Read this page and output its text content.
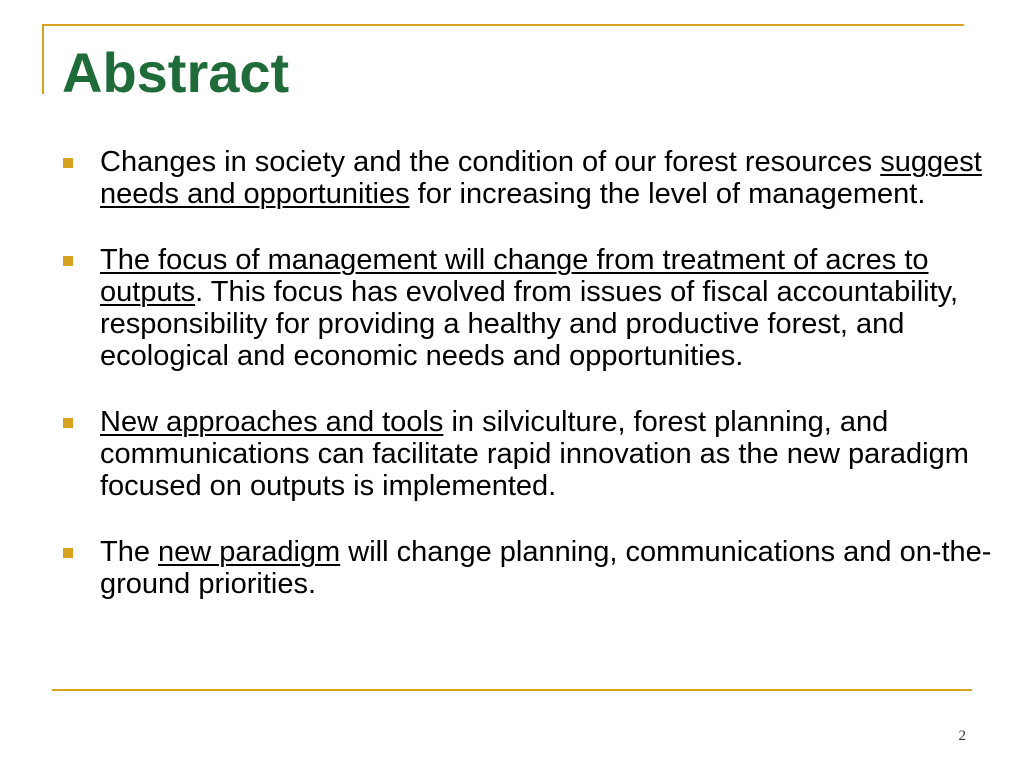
Abstract
Changes in society and the condition of our forest resources suggest needs and opportunities for increasing the level of management.
The focus of management will change from treatment of acres to outputs. This focus has evolved from issues of fiscal accountability, responsibility for providing a healthy and productive forest, and ecological and economic needs and opportunities.
New approaches and tools in silviculture, forest planning, and communications can facilitate rapid innovation as the new paradigm focused on outputs is implemented.
The new paradigm will change planning, communications and on-the-ground priorities.
2
